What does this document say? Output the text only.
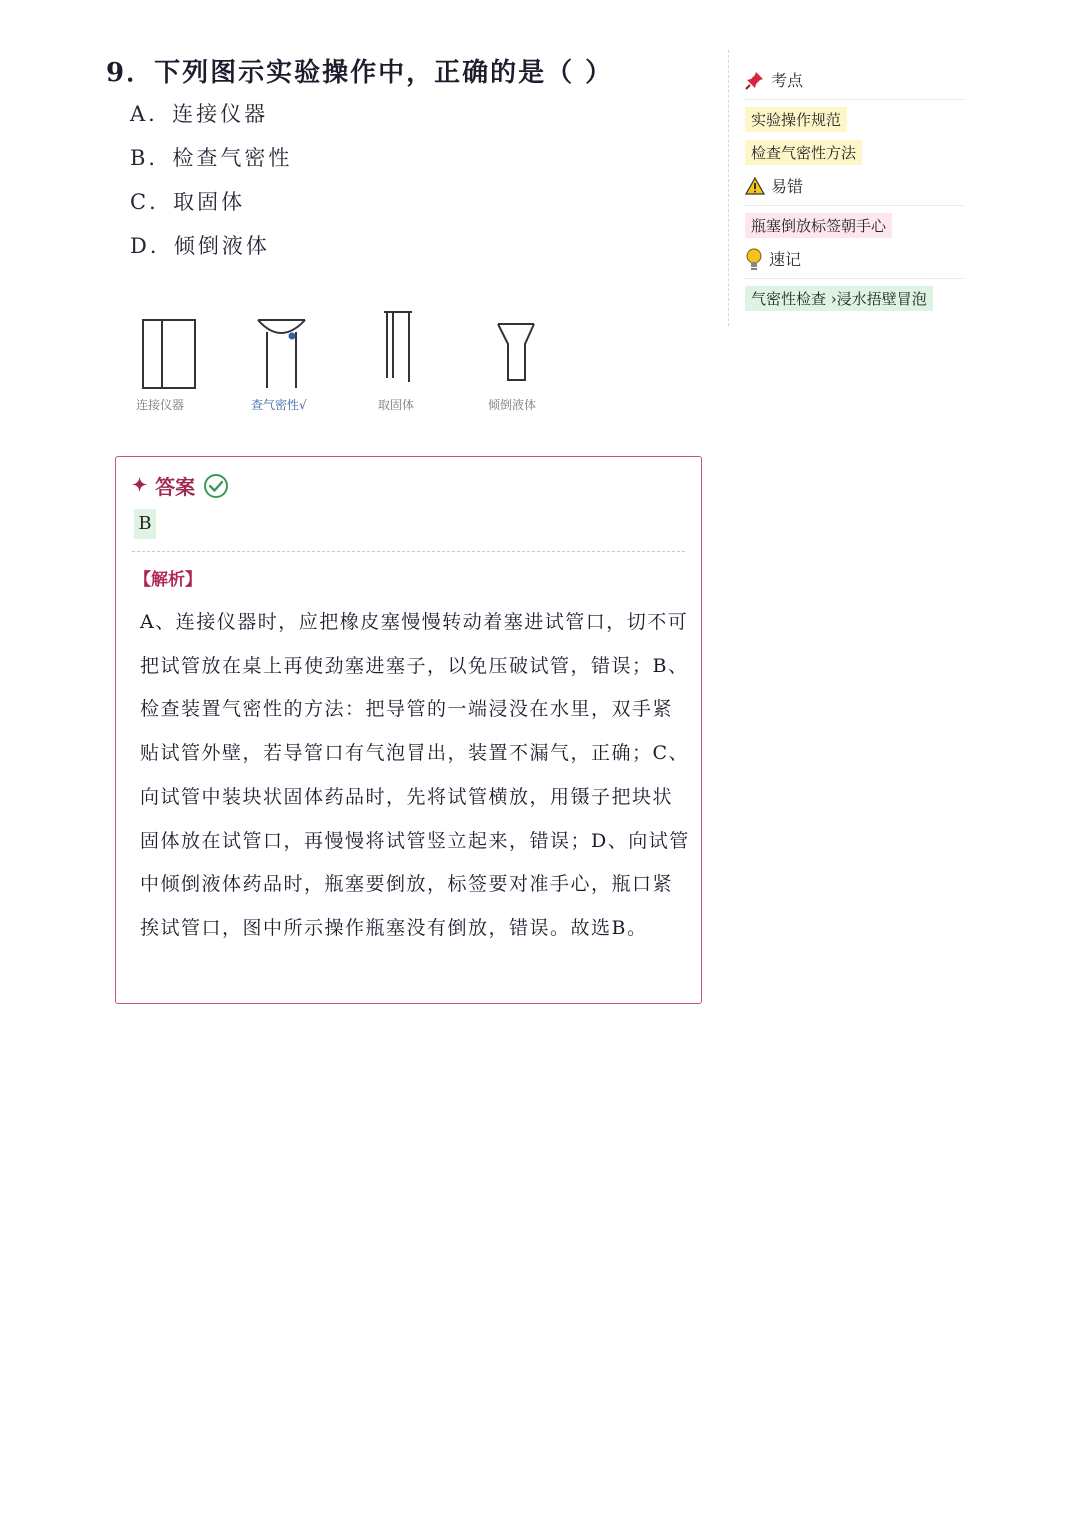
9．下列图示实验操作中，正确的是（ ）
A．连接仪器
B．检查气密性
C．取固体
D．倾倒液体
连接仪器	查气密性√	取固体	倾倒液体
✦ 答案
B
【解析】

A、连接仪器时，应把橡皮塞慢慢转动着塞进试管口，切不可把试管放在桌上再使劲塞进塞子，以免压破试管，错误；B、检查装置气密性的方法：把导管的一端浸没在水里，双手紧贴试管外壁，若导管口有气泡冒出，装置不漏气，正确；C、向试管中装块状固体药品时，先将试管横放，用镊子把块状固体放在试管口，再慢慢将试管竖立起来，错误；D、向试管中倾倒液体药品时，瓶塞要倒放，标签要对准手心，瓶口紧挨试管口，图中所示操作瓶塞没有倒放，错误。故选B。

考点
实验操作规范
检查气密性方法
易错
瓶塞倒放标签朝手心
速记
气密性检查 ›浸水捂壁冒泡
